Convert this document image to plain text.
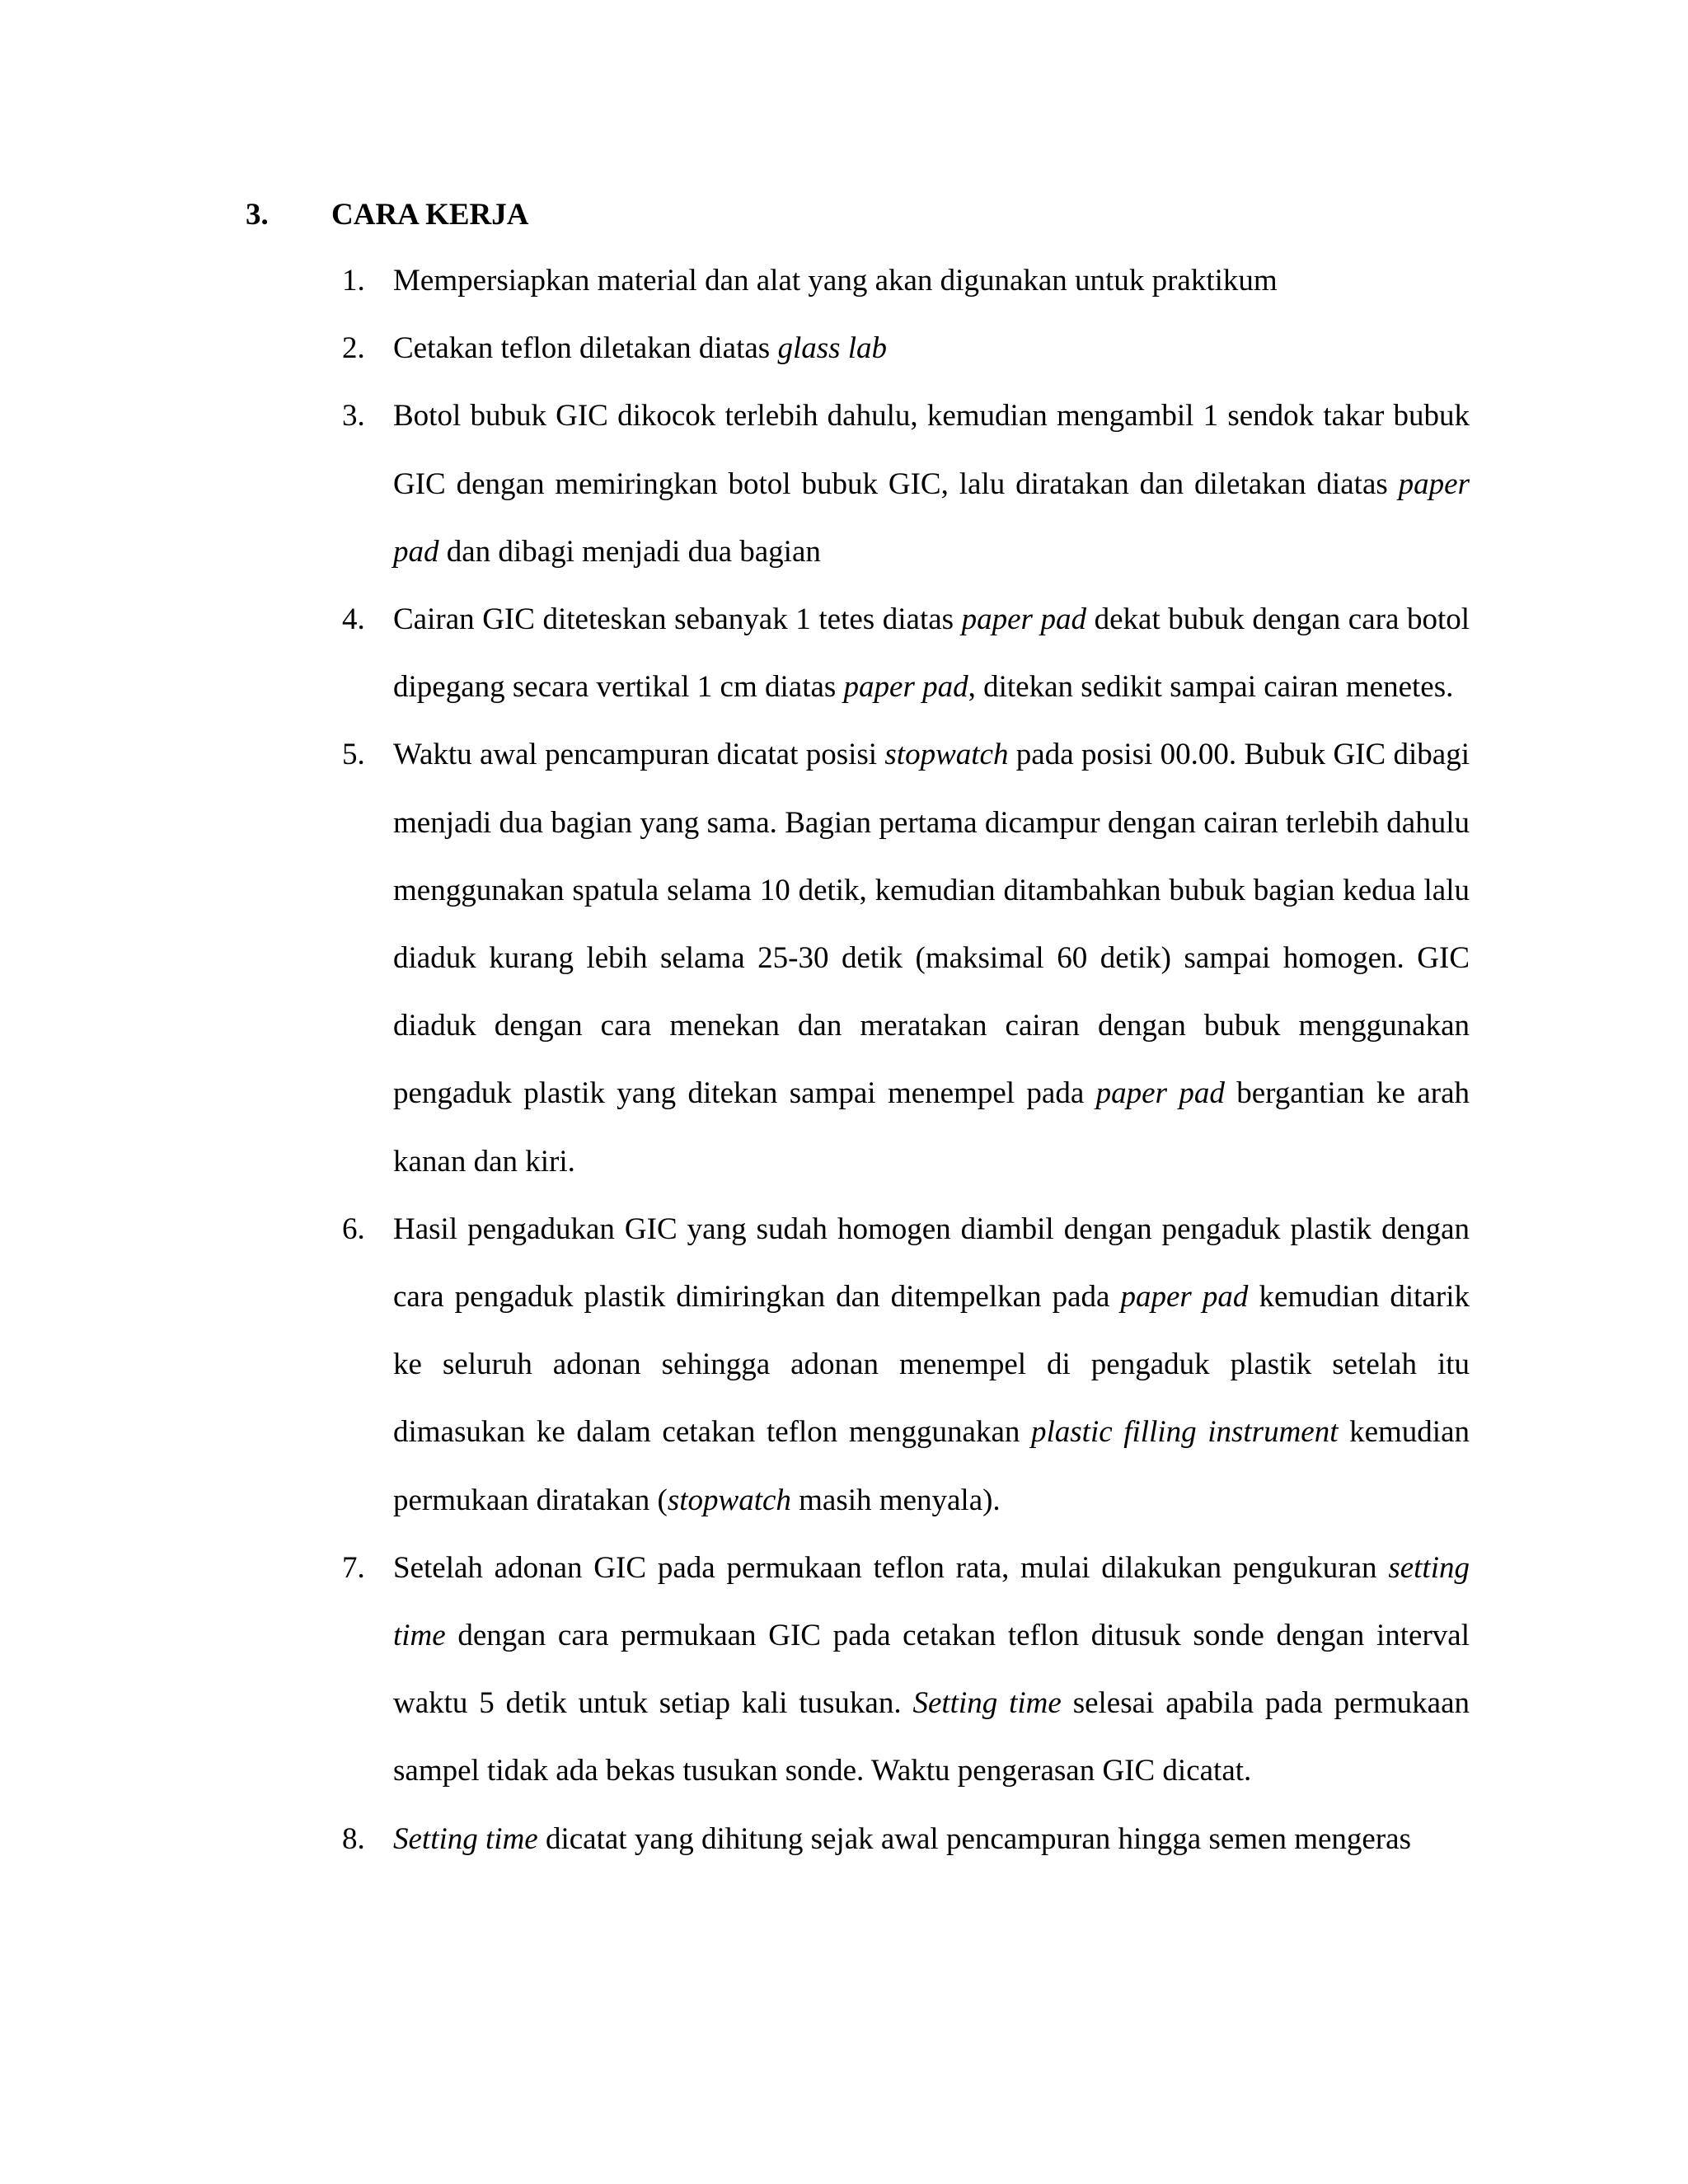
3. CARA KERJA
1. Mempersiapkan material dan alat yang akan digunakan untuk praktikum
2. Cetakan teflon diletakan diatas glass lab
3. Botol bubuk GIC dikocok terlebih dahulu, kemudian mengambil 1 sendok takar bubuk GIC dengan memiringkan botol bubuk GIC, lalu diratakan dan diletakan diatas paper pad dan dibagi menjadi dua bagian
4. Cairan GIC diteteskan sebanyak 1 tetes diatas paper pad dekat bubuk dengan cara botol dipegang secara vertikal 1 cm diatas paper pad, ditekan sedikit sampai cairan menetes.
5. Waktu awal pencampuran dicatat posisi stopwatch pada posisi 00.00. Bubuk GIC dibagi menjadi dua bagian yang sama. Bagian pertama dicampur dengan cairan terlebih dahulu menggunakan spatula selama 10 detik, kemudian ditambahkan bubuk bagian kedua lalu diaduk kurang lebih selama 25-30 detik (maksimal 60 detik) sampai homogen. GIC diaduk dengan cara menekan dan meratakan cairan dengan bubuk menggunakan pengaduk plastik yang ditekan sampai menempel pada paper pad bergantian ke arah kanan dan kiri.
6. Hasil pengadukan GIC yang sudah homogen diambil dengan pengaduk plastik dengan cara pengaduk plastik dimiringkan dan ditempelkan pada paper pad kemudian ditarik ke seluruh adonan sehingga adonan menempel di pengaduk plastik setelah itu dimasukan ke dalam cetakan teflon menggunakan plastic filling instrument kemudian permukaan diratakan (stopwatch masih menyala).
7. Setelah adonan GIC pada permukaan teflon rata, mulai dilakukan pengukuran setting time dengan cara permukaan GIC pada cetakan teflon ditusuk sonde dengan interval waktu 5 detik untuk setiap kali tusukan. Setting time selesai apabila pada permukaan sampel tidak ada bekas tusukan sonde. Waktu pengerasan GIC dicatat.
8. Setting time dicatat yang dihitung sejak awal pencampuran hingga semen mengeras
